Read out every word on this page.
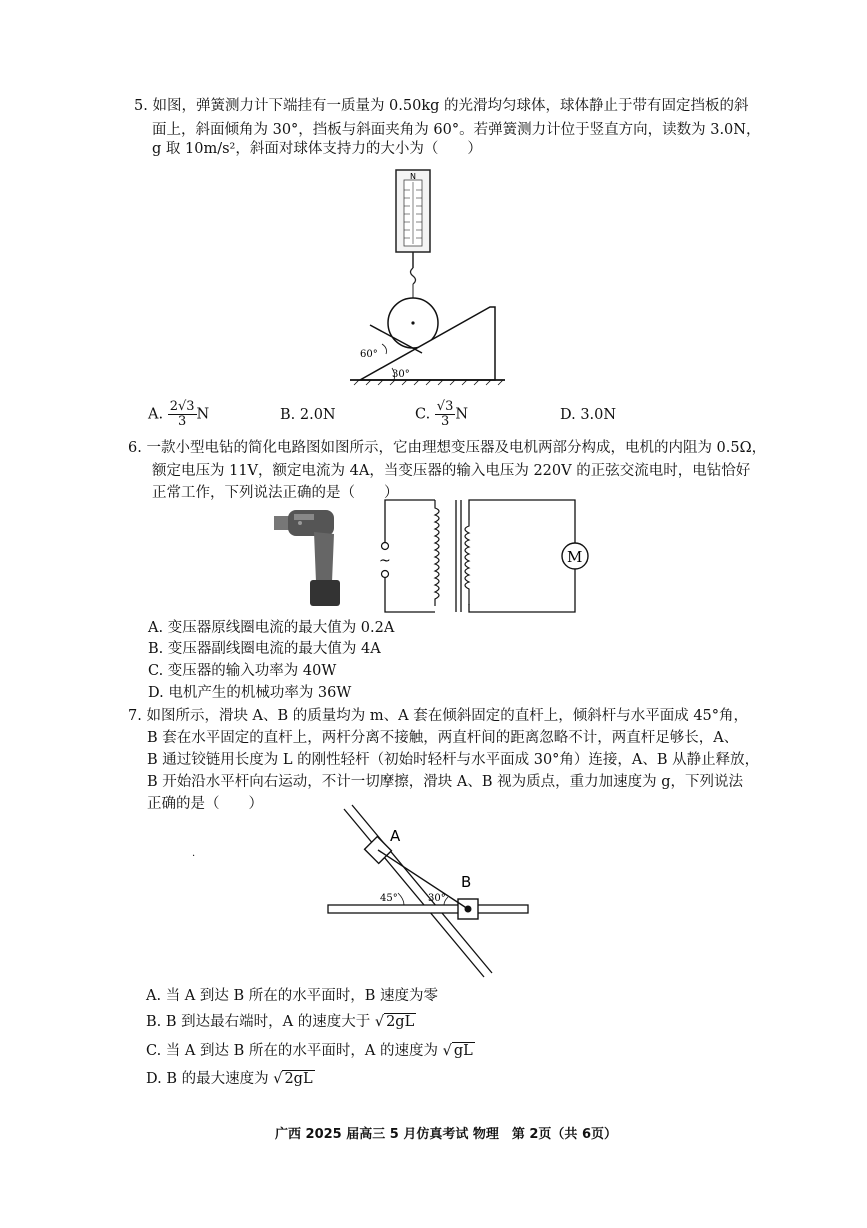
5. 如图，弹簧测力计下端挂有一质量为 0.50kg 的光滑均匀球体，球体静止于带有固定挡板的斜
面上，斜面倾角为 30°，挡板与斜面夹角为 60°。若弹簧测力计位于竖直方向，读数为 3.0N，
g 取 10m/s²，斜面对球体支持力的大小为（　　）
N
60°
30°
A. $\frac{2√3}{3}$ N	B. 2.0N	C. $\frac{√3}{3}$ N	D. 3.0N
6. 一款小型电钻的简化电路图如图所示，它由理想变压器及电机两部分构成，电机的内阻为 0.5Ω，
额定电压为 11V，额定电流为 4A，当变压器的输入电压为 220V 的正弦交流电时，电钻恰好
正常工作，下列说法正确的是（　　）
~	M
A. 变压器原线圈电流的最大值为 0.2A
B. 变压器副线圈电流的最大值为 4A
C. 变压器的输入功率为 40W
D. 电机产生的机械功率为 36W
7. 如图所示，滑块 A、B 的质量均为 m、A 套在倾斜固定的直杆上，倾斜杆与水平面成 45°角，
B 套在水平固定的直杆上，两杆分离不接触，两直杆间的距离忽略不计，两直杆足够长，A、
B 通过铰链用长度为 L 的刚性轻杆（初始时轻杆与水平面成 30°角）连接，A、B 从静止释放，
B 开始沿水平杆向右运动，不计一切摩擦，滑块 A、B 视为质点，重力加速度为 g，下列说法
正确的是（　　）
A
B
45°	30°
·
A. 当 A 到达 B 所在的水平面时，B 速度为零
B. B 到达最右端时，A 的速度大于 √ 2gL
C. 当 A 到达 B 所在的水平面时，A 的速度为 √ gL
D. B 的最大速度为 √ 2gL
广西 2025 届高三 5 月仿真考试 物理　第 2页（共 6页）
